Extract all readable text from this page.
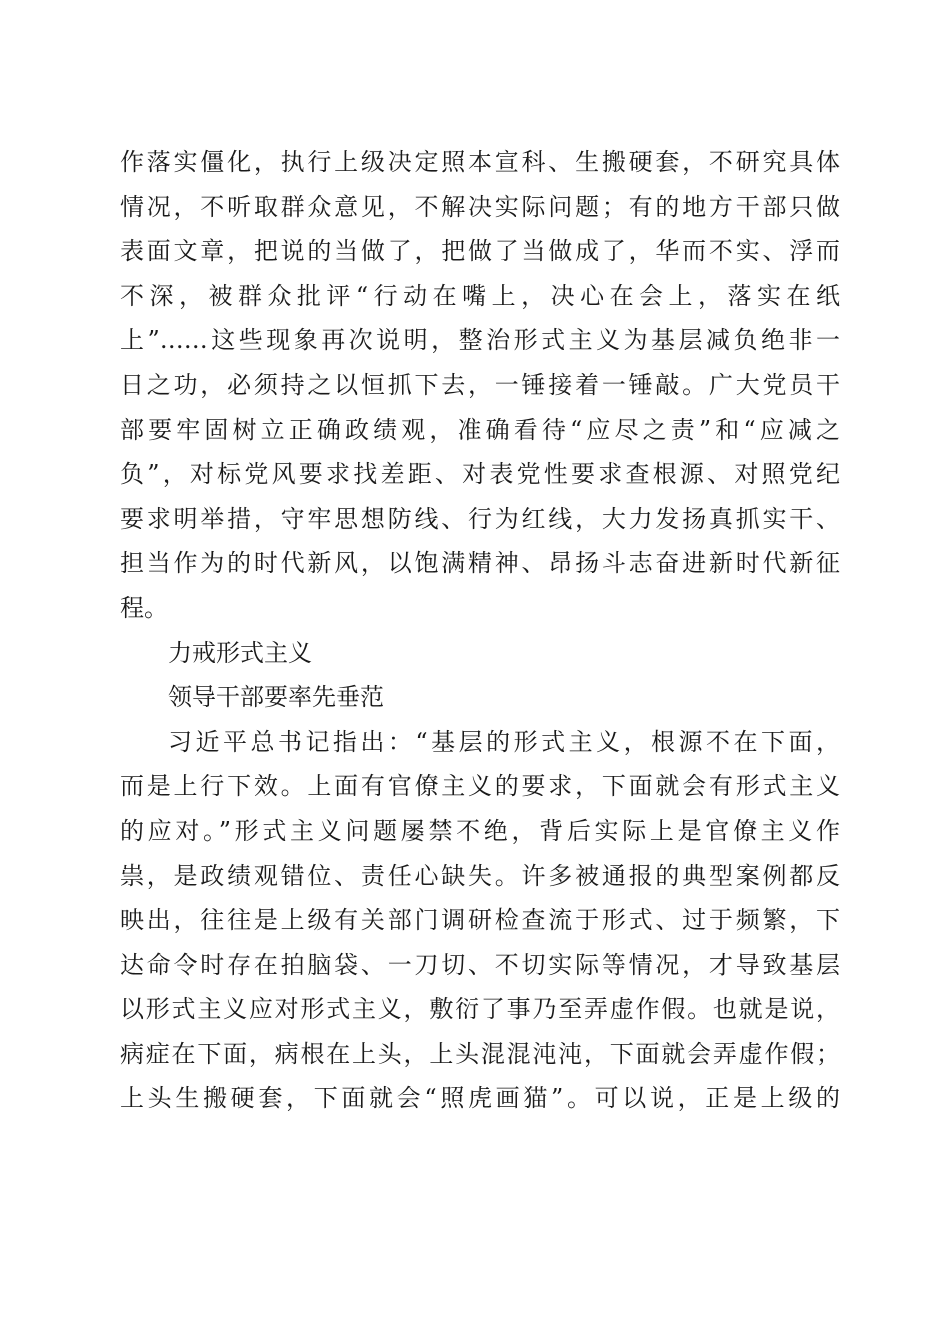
作落实僵化，执行上级决定照本宣科、生搬硬套，不研究具体
情况，不听取群众意见，不解决实际问题；有的地方干部只做
表面文章，把说的当做了，把做了当做成了，华而不实、浮而
不深，被群众批评“行动在嘴上，决心在会上，落实在纸
上”……这些现象再次说明，整治形式主义为基层减负绝非一
日之功，必须持之以恒抓下去，一锤接着一锤敲。广大党员干
部要牢固树立正确政绩观，准确看待“应尽之责”和“应减之
负”，对标党风要求找差距、对表党性要求查根源、对照党纪
要求明举措，守牢思想防线、行为红线，大力发扬真抓实干、
担当作为的时代新风，以饱满精神、昂扬斗志奋进新时代新征
程。
力戒形式主义
领导干部要率先垂范
习近平总书记指出：“基层的形式主义，根源不在下面，
而是上行下效。上面有官僚主义的要求，下面就会有形式主义
的应对。”形式主义问题屡禁不绝，背后实际上是官僚主义作
祟，是政绩观错位、责任心缺失。许多被通报的典型案例都反
映出，往往是上级有关部门调研检查流于形式、过于频繁，下
达命令时存在拍脑袋、一刀切、不切实际等情况，才导致基层
以形式主义应对形式主义，敷衍了事乃至弄虚作假。也就是说，
病症在下面，病根在上头，上头混混沌沌，下面就会弄虚作假；
上头生搬硬套，下面就会“照虎画猫”。可以说，正是上级的
